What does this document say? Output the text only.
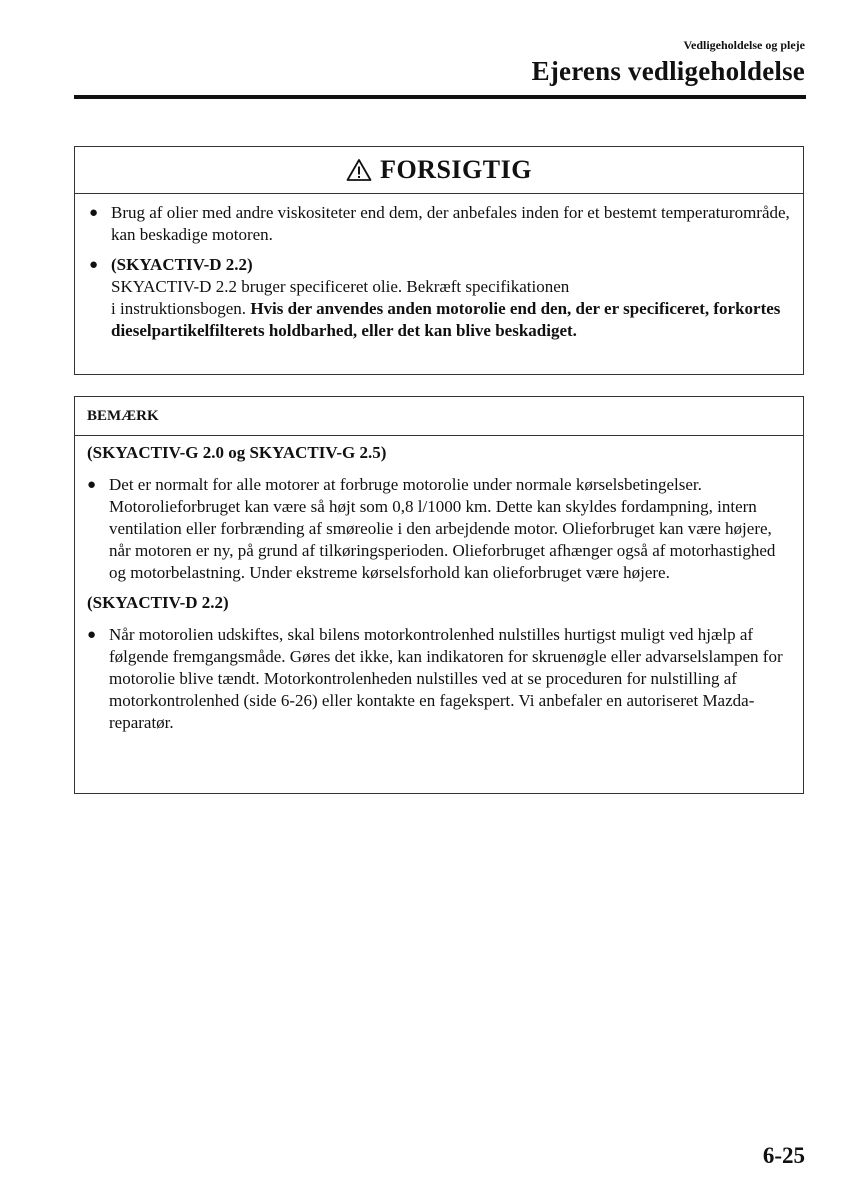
Vedligeholdelse og pleje
Ejerens vedligeholdelse
FORSIGTIG
● Brug af olier med andre viskositeter end dem, der anbefales inden for et bestemt temperaturområde, kan beskadige motoren.
● (SKYACTIV-D 2.2)
SKYACTIV-D 2.2 bruger specificeret olie. Bekræft specifikationen
i instruktionsbogen. Hvis der anvendes anden motorolie end den, der er specificeret, forkortes dieselpartikelfilterets holdbarhed, eller det kan blive beskadiget.
BEMÆRK
(SKYACTIV-G 2.0 og SKYACTIV-G 2.5)
● Det er normalt for alle motorer at forbruge motorolie under normale kørselsbetingelser.
Motorolieforbruget kan være så højt som 0,8 l/1000 km. Dette kan skyldes fordampning, intern ventilation eller forbrænding af smøreolie i den arbejdende motor. Olieforbruget kan være højere, når motoren er ny, på grund af tilkøringsperioden. Olieforbruget afhænger også af motorhastighed og motorbelastning. Under ekstreme kørselsforhold kan olieforbruget være højere.
(SKYACTIV-D 2.2)
● Når motorolien udskiftes, skal bilens motorkontrolenhed nulstilles hurtigst muligt ved hjælp af følgende fremgangsmåde. Gøres det ikke, kan indikatoren for skruenøgle eller advarselslampen for motorolie blive tændt. Motorkontrolenheden nulstilles ved at se proceduren for nulstilling af motorkontrolenhed (side 6-26) eller kontakte en fagekspert. Vi anbefaler en autoriseret Mazda-reparatør.
6-25
